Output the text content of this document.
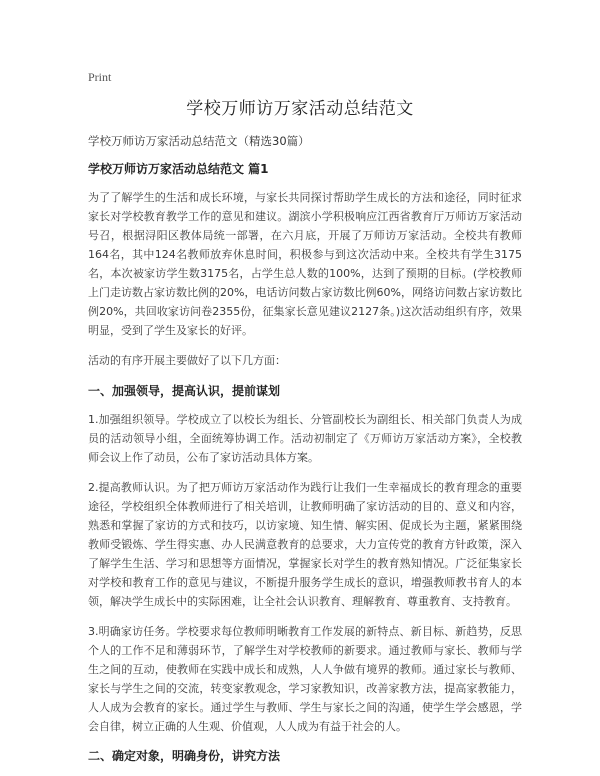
Print
学校万师访万家活动总结范文

学校万师访万家活动总结范文（精选30篇）

学校万师访万家活动总结范文 篇1

为了了解学生的生活和成长环境，与家长共同探讨帮助学生成长的方法和途径，同时征求家长对学校教育教学工作的意见和建议。湖滨小学积极响应江西省教育厅万师访万家活动号召，根据浔阳区教体局统一部署，在六月底，开展了万师访万家活动。全校共有教师164名，其中124名教师放弃休息时间，积极参与到这次活动中来。全校共有学生3175名，本次被家访学生数3175名，占学生总人数的100%，达到了预期的目标。(学校教师上门走访数占家访数比例的20%，电话访问数占家访数比例60%，网络访问数占家访数比例20%，共回收家访问卷2355份，征集家长意见建议2127条。)这次活动组织有序，效果明显，受到了学生及家长的好评。

活动的有序开展主要做好了以下几方面：

一、加强领导，提高认识，提前谋划

1.加强组织领导。学校成立了以校长为组长、分管副校长为副组长、相关部门负责人为成员的活动领导小组，全面统筹协调工作。活动初制定了《万师访万家活动方案》，全校教师会议上作了动员，公布了家访活动具体方案。

2.提高教师认识。为了把万师访万家活动作为践行让我们一生幸福成长的教育理念的重要途径，学校组织全体教师进行了相关培训，让教师明确了家访活动的目的、意义和内容，熟悉和掌握了家访的方式和技巧，以访家境、知生情、解实困、促成长为主题，紧紧围绕教师受锻炼、学生得实惠、办人民满意教育的总要求，大力宣传党的教育方针政策，深入了解学生生活、学习和思想等方面情况，掌握家长对学生的教育熟知情况。广泛征集家长对学校和教育工作的意见与建议，不断提升服务学生成长的意识，增强教师教书育人的本领，解决学生成长中的实际困难，让全社会认识教育、理解教育、尊重教育、支持教育。

3.明确家访任务。学校要求每位教师明晰教育工作发展的新特点、新目标、新趋势，反思个人的工作不足和薄弱环节，了解学生对学校教师的新要求。通过教师与家长、教师与学生之间的互动，使教师在实践中成长和成熟，人人争做有境界的教师。通过家长与教师、家长与学生之间的交流，转变家教观念，学习家教知识，改善家教方法，提高家教能力，人人成为会教育的家长。通过学生与教师、学生与家长之间的沟通，使学生学会感恩，学会自律，树立正确的人生观、价值观，人人成为有益于社会的人。

二、确定对象，明确身份，讲究方法
